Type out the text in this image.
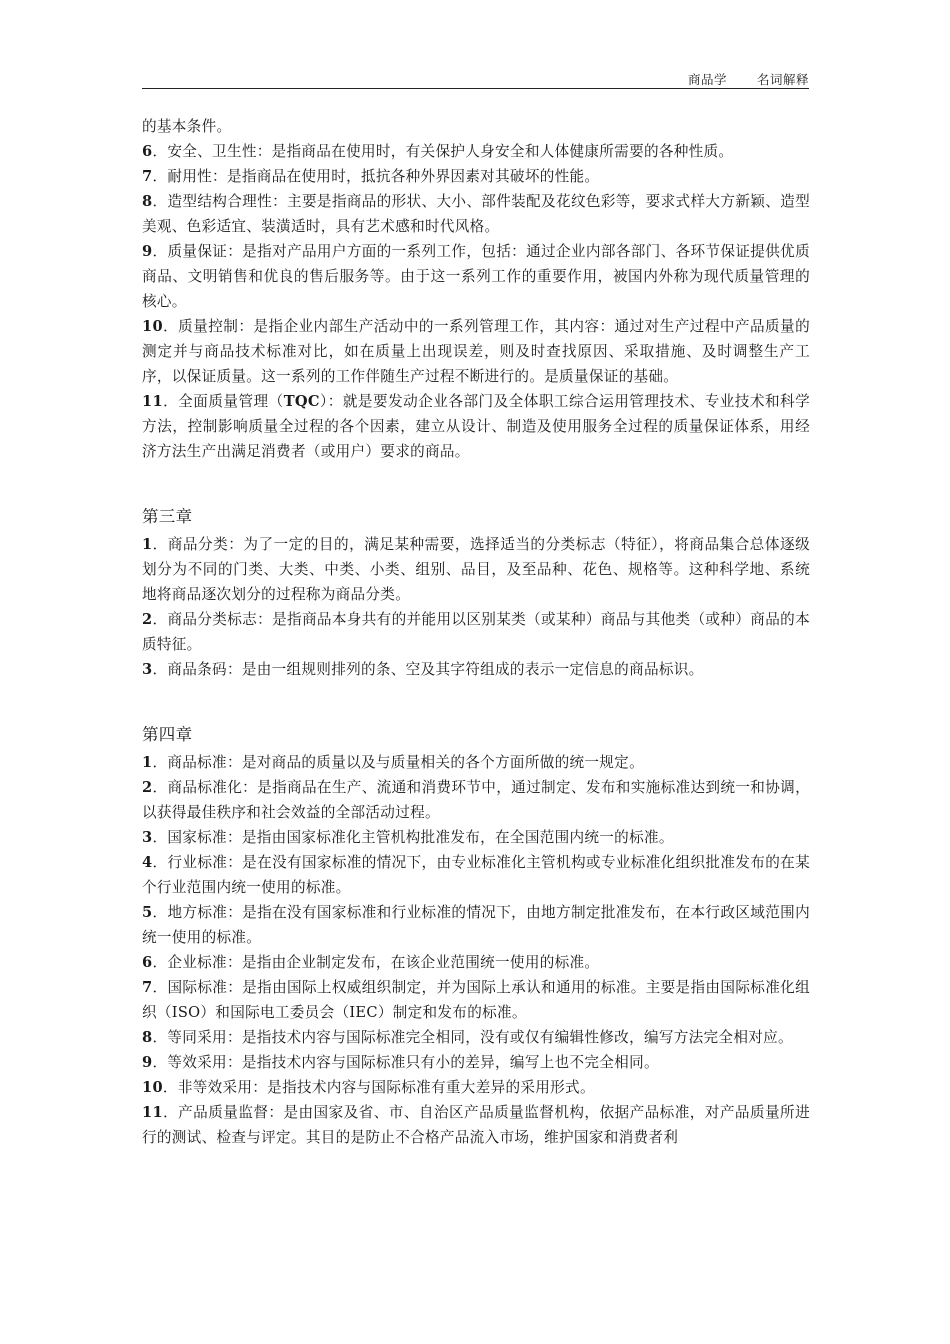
商品学 名词解释

的基本条件。

6．安全、卫生性：是指商品在使用时，有关保护人身安全和人体健康所需要的各种性质。

7．耐用性：是指商品在使用时，抵抗各种外界因素对其破坏的性能。

8．造型结构合理性：主要是指商品的形状、大小、部件装配及花纹色彩等，要求式样大方新颖、造型美观、色彩适宜、装潢适时，具有艺术感和时代风格。

9．质量保证：是指对产品用户方面的一系列工作，包括：通过企业内部各部门、各环节保证提供优质商品、文明销售和优良的售后服务等。由于这一系列工作的重要作用，被国内外称为现代质量管理的核心。

10．质量控制：是指企业内部生产活动中的一系列管理工作，其内容：通过对生产过程中产品质量的测定并与商品技术标准对比，如在质量上出现误差，则及时查找原因、采取措施、及时调整生产工序，以保证质量。这一系列的工作伴随生产过程不断进行的。是质量保证的基础。

11．全面质量管理（TQC）：就是要发动企业各部门及全体职工综合运用管理技术、专业技术和科学方法，控制影响质量全过程的各个因素，建立从设计、制造及使用服务全过程的质量保证体系，用经济方法生产出满足消费者（或用户）要求的商品。

第三章

1．商品分类：为了一定的目的，满足某种需要，选择适当的分类标志（特征），将商品集合总体逐级划分为不同的门类、大类、中类、小类、组别、品目，及至品种、花色、规格等。这种科学地、系统地将商品逐次划分的过程称为商品分类。

2．商品分类标志：是指商品本身共有的并能用以区别某类（或某种）商品与其他类（或种）商品的本质特征。

3．商品条码：是由一组规则排列的条、空及其字符组成的表示一定信息的商品标识。

第四章

1．商品标准：是对商品的质量以及与质量相关的各个方面所做的统一规定。

2．商品标准化：是指商品在生产、流通和消费环节中，通过制定、发布和实施标准达到统一和协调，以获得最佳秩序和社会效益的全部活动过程。

3．国家标准：是指由国家标准化主管机构批准发布，在全国范围内统一的标准。

4．行业标准：是在没有国家标准的情况下，由专业标准化主管机构或专业标准化组织批准发布的在某个行业范围内统一使用的标准。

5．地方标准：是指在没有国家标准和行业标准的情况下，由地方制定批准发布，在本行政区域范围内统一使用的标准。

6．企业标准：是指由企业制定发布，在该企业范围统一使用的标准。

7．国际标准：是指由国际上权威组织制定，并为国际上承认和通用的标准。主要是指由国际标准化组织（ISO）和国际电工委员会（IEC）制定和发布的标准。

8．等同采用：是指技术内容与国际标准完全相同，没有或仅有编辑性修改，编写方法完全相对应。

9．等效采用：是指技术内容与国际标准只有小的差异，编写上也不完全相同。

10．非等效采用：是指技术内容与国际标准有重大差异的采用形式。

11．产品质量监督：是由国家及省、市、自治区产品质量监督机构，依据产品标准，对产品质量所进行的测试、检查与评定。其目的是防止不合格产品流入市场，维护国家和消费者利
